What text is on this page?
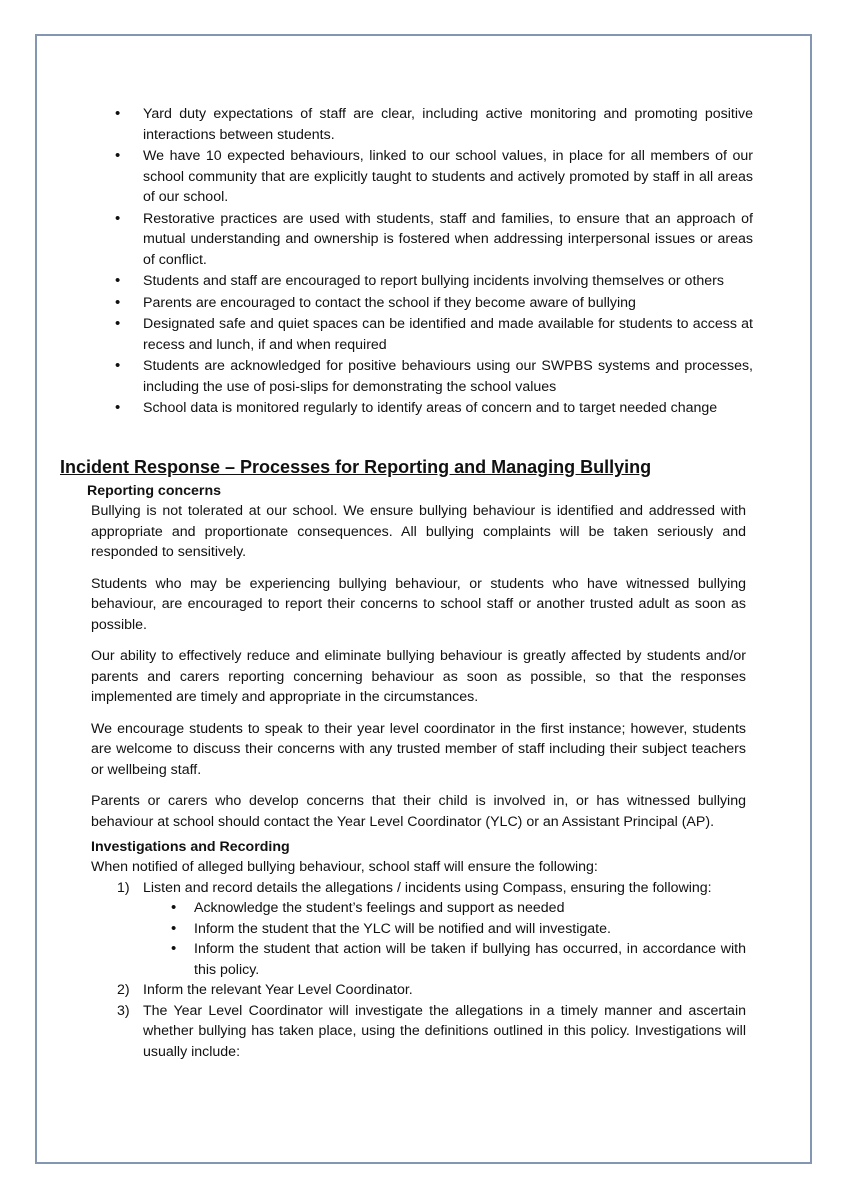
• Yard duty expectations of staff are clear, including active monitoring and promoting positive interactions between students.
• We have 10 expected behaviours, linked to our school values, in place for all members of our school community that are explicitly taught to students and actively promoted by staff in all areas of our school.
• Restorative practices are used with students, staff and families, to ensure that an approach of mutual understanding and ownership is fostered when addressing interpersonal issues or areas of conflict.
• Students and staff are encouraged to report bullying incidents involving themselves or others
• Parents are encouraged to contact the school if they become aware of bullying
• Designated safe and quiet spaces can be identified and made available for students to access at recess and lunch, if and when required
• Students are acknowledged for positive behaviours using our SWPBS systems and processes, including the use of posi-slips for demonstrating the school values
• School data is monitored regularly to identify areas of concern and to target needed change
Incident Response – Processes for Reporting and Managing Bullying
Reporting concerns

Bullying is not tolerated at our school. We ensure bullying behaviour is identified and addressed with appropriate and proportionate consequences. All bullying complaints will be taken seriously and responded to sensitively.

Students who may be experiencing bullying behaviour, or students who have witnessed bullying behaviour, are encouraged to report their concerns to school staff or another trusted adult as soon as possible.

Our ability to effectively reduce and eliminate bullying behaviour is greatly affected by students and/or parents and carers reporting concerning behaviour as soon as possible, so that the responses implemented are timely and appropriate in the circumstances.

We encourage students to speak to their year level coordinator in the first instance; however, students are welcome to discuss their concerns with any trusted member of staff including their subject teachers or wellbeing staff.

Parents or carers who develop concerns that their child is involved in, or has witnessed bullying behaviour at school should contact the Year Level Coordinator (YLC) or an Assistant Principal (AP).

Investigations and Recording

When notified of alleged bullying behaviour, school staff will ensure the following:

1) Listen and record details the allegations / incidents using Compass, ensuring the following:
• Acknowledge the student’s feelings and support as needed
• Inform the student that the YLC will be notified and will investigate.
• Inform the student that action will be taken if bullying has occurred, in accordance with this policy.
2) Inform the relevant Year Level Coordinator.
3) The Year Level Coordinator will investigate the allegations in a timely manner and ascertain whether bullying has taken place, using the definitions outlined in this policy. Investigations will usually include:
